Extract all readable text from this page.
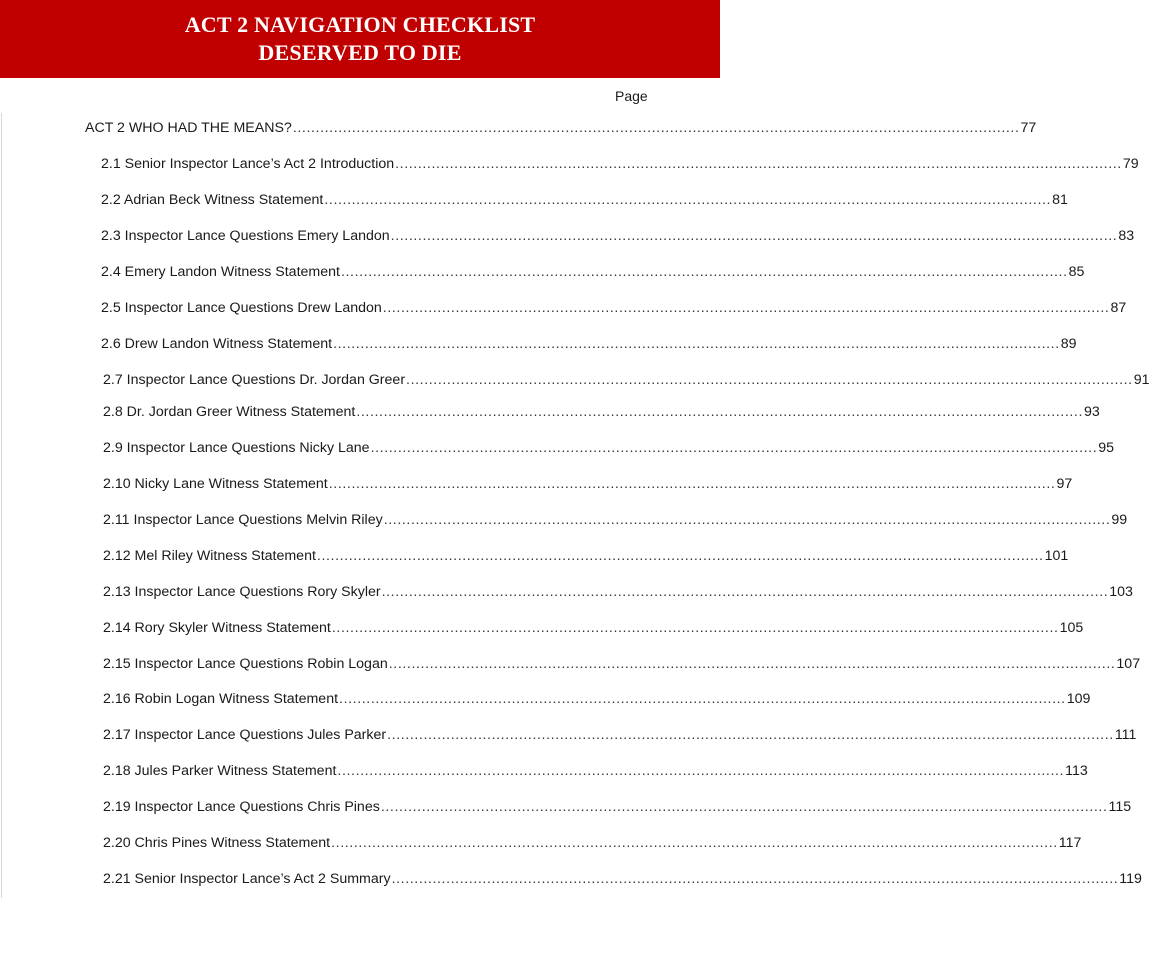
ACT 2 NAVIGATION CHECKLIST
DESERVED TO DIE
Page
ACT 2 WHO HAD THE MEANS? ................................................................................................................................................................ 77
2.1 Senior Inspector Lance’s Act 2 Introduction ................................................................................................................................................................ 79
2.2 Adrian Beck Witness Statement ................................................................................................................................................................ 81
2.3 Inspector Lance Questions Emery Landon ................................................................................................................................................................ 83
2.4 Emery Landon Witness Statement ................................................................................................................................................................ 85
2.5 Inspector Lance Questions Drew Landon ................................................................................................................................................................ 87
2.6 Drew Landon Witness Statement ................................................................................................................................................................ 89
2.7 Inspector Lance Questions Dr. Jordan Greer ................................................................................................................................................................ 91
2.8 Dr. Jordan Greer Witness Statement ................................................................................................................................................................ 93
2.9 Inspector Lance Questions Nicky Lane ................................................................................................................................................................ 95
2.10 Nicky Lane Witness Statement ................................................................................................................................................................ 97
2.11 Inspector Lance Questions Melvin Riley ................................................................................................................................................................ 99
2.12 Mel Riley Witness Statement ................................................................................................................................................................ 101
2.13 Inspector Lance Questions Rory Skyler ................................................................................................................................................................ 103
2.14 Rory Skyler Witness Statement ................................................................................................................................................................ 105
2.15 Inspector Lance Questions Robin Logan ................................................................................................................................................................ 107
2.16 Robin Logan Witness Statement ................................................................................................................................................................ 109
2.17 Inspector Lance Questions Jules Parker ................................................................................................................................................................ 111
2.18 Jules Parker Witness Statement ................................................................................................................................................................ 113
2.19 Inspector Lance Questions Chris Pines ................................................................................................................................................................ 115
2.20 Chris Pines Witness Statement ................................................................................................................................................................ 117
2.21 Senior Inspector Lance’s Act 2 Summary ................................................................................................................................................................ 119
